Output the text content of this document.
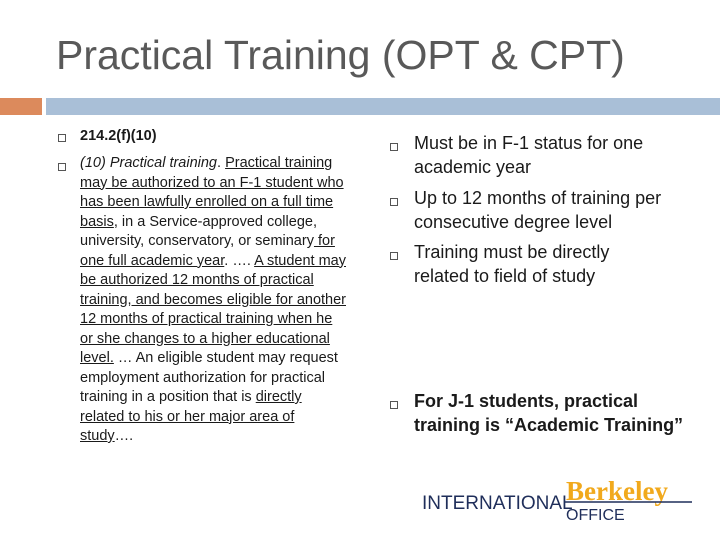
Practical Training (OPT & CPT)
214.2(f)(10)
(10) Practical training. Practical training may be authorized to an F-1 student who has been lawfully enrolled on a full time basis, in a Service-approved college, university, conservatory, or seminary for one full academic year. …. A student may be authorized 12 months of practical training, and becomes eligible for another 12 months of practical training when he or she changes to a higher educational level. … An eligible student may request employment authorization for practical training in a position that is directly related to his or her major area of study….
Must be in F-1 status for one academic year
Up to 12 months of training per consecutive degree level
Training must be directly related to field of study
For J-1 students, practical training is “Academic Training”
Berkeley
INTERNATIONAL
OFFICE
